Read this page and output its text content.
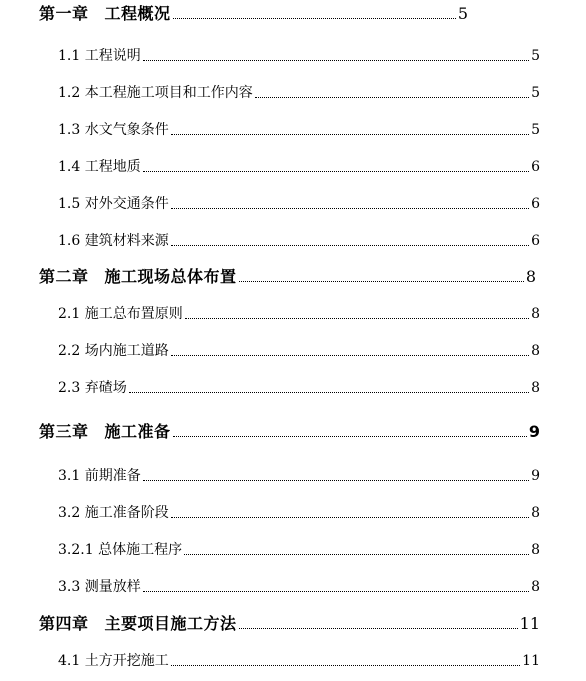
第一章 工程概况	5
1.1 工程说明	5
1.2 本工程施工项目和工作内容	5
1.3 水文气象条件	5
1.4 工程地质	6
1.5 对外交通条件	6
1.6 建筑材料来源	6
第二章 施工现场总体布置	8
2.1 施工总布置原则	8
2.2 场内施工道路	8
2.3 弃碴场	8
第三章 施工准备	9
3.1 前期准备	9
3.2 施工准备阶段	8
3.2.1 总体施工程序	8
3.3 测量放样	8
第四章 主要项目施工方法	11
4.1 土方开挖施工	11
